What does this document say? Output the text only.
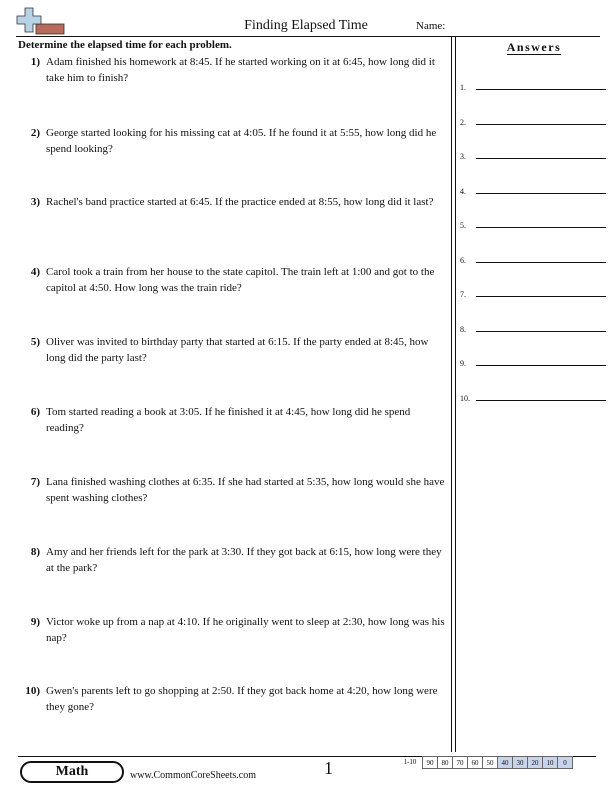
Finding Elapsed Time	Name:
Determine the elapsed time for each problem.
1) Adam finished his homework at 8:45. If he started working on it at 6:45, how long did it take him to finish?
2) George started looking for his missing cat at 4:05. If he found it at 5:55, how long did he spend looking?
3) Rachel's band practice started at 6:45. If the practice ended at 8:55, how long did it last?
4) Carol took a train from her house to the state capitol. The train left at 1:00 and got to the capitol at 4:50. How long was the train ride?
5) Oliver was invited to birthday party that started at 6:15. If the party ended at 8:45, how long did the party last?
6) Tom started reading a book at 3:05. If he finished it at 4:45, how long did he spend reading?
7) Lana finished washing clothes at 6:35. If she had started at 5:35, how long would she have spent washing clothes?
8) Amy and her friends left for the park at 3:30. If they got back at 6:15, how long were they at the park?
9) Victor woke up from a nap at 4:10. If he originally went to sleep at 2:30, how long was his nap?
10) Gwen's parents left to go shopping at 2:50. If they got back home at 4:20, how long were they gone?
Answers
1.
2.
3.
4.
5.
6.
7.
8.
9.
10.
Math	www.CommonCoreSheets.com	1	1-10	90	80	70	60	50	40	30	20	10	0
